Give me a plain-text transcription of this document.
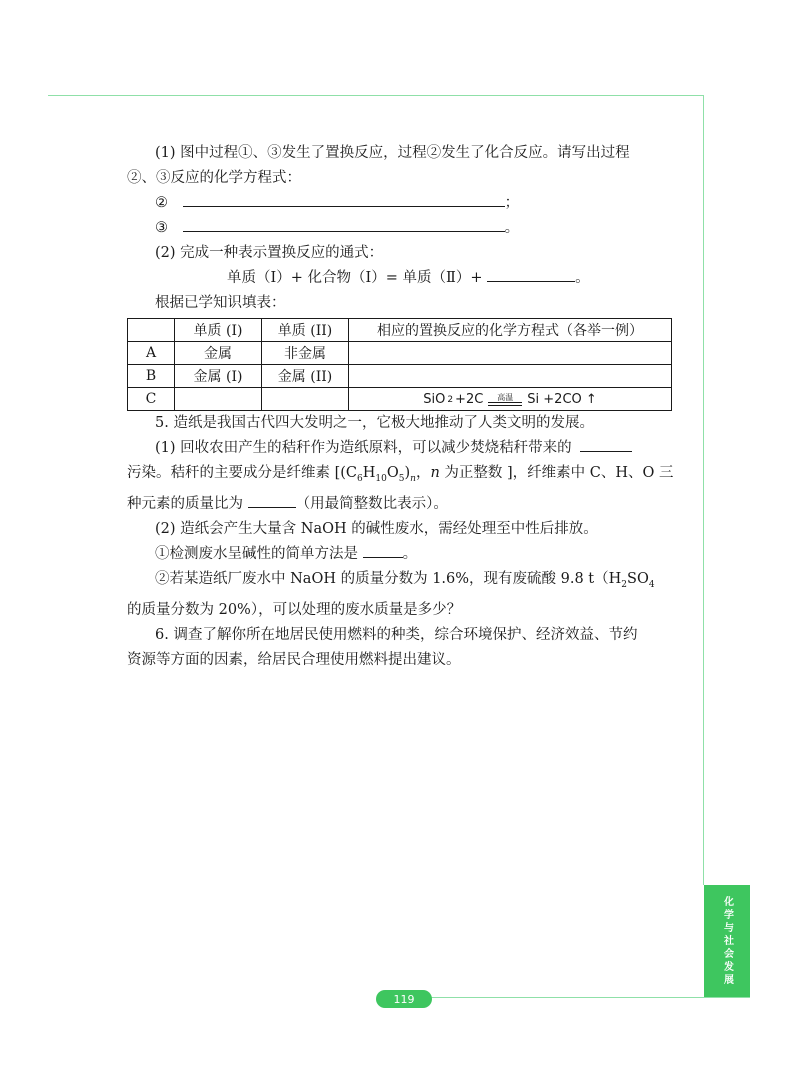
(1) 图中过程①、③发生了置换反应，过程②发生了化合反应。请写出过程
②、③反应的化学方程式：
②	；
③	。
(2) 完成一种表示置换反应的通式：
单质（Ⅰ）+ 化合物（Ⅰ）= 单质（Ⅱ）+	。
根据已学知识填表：
	单质 (I)	单质 (II)	相应的置换反应的化学方程式（各举一例）
A	金属	非金属	
B	金属 (I)	金属 (II)	
C			SiO 2 +2C 高温 Si +2CO ↑
5. 造纸是我国古代四大发明之一，它极大地推动了人类文明的发展。
(1) 回收农田产生的秸秆作为造纸原料，可以减少焚烧秸秆带来的
污染。秸秆的主要成分是纤维素 [$(C_6H_{10}O_5)_n$，n 为正整数 ]，纤维素中 C、H、O 三
种元素的质量比为	（用最简整数比表示）。
(2) 造纸会产生大量含 NaOH 的碱性废水，需经处理至中性后排放。
①检测废水呈碱性的简单方法是	。
②若某造纸厂废水中 NaOH 的质量分数为 1.6%，现有废硫酸 9.8 $t(H_2SO_4$
的质量分数为 20%），可以处理的废水质量是多少？
6. 调查了解你所在地居民使用燃料的种类，综合环境保护、经济效益、节约
资源等方面的因素，给居民合理使用燃料提出建议。
化学与社会发展
119
